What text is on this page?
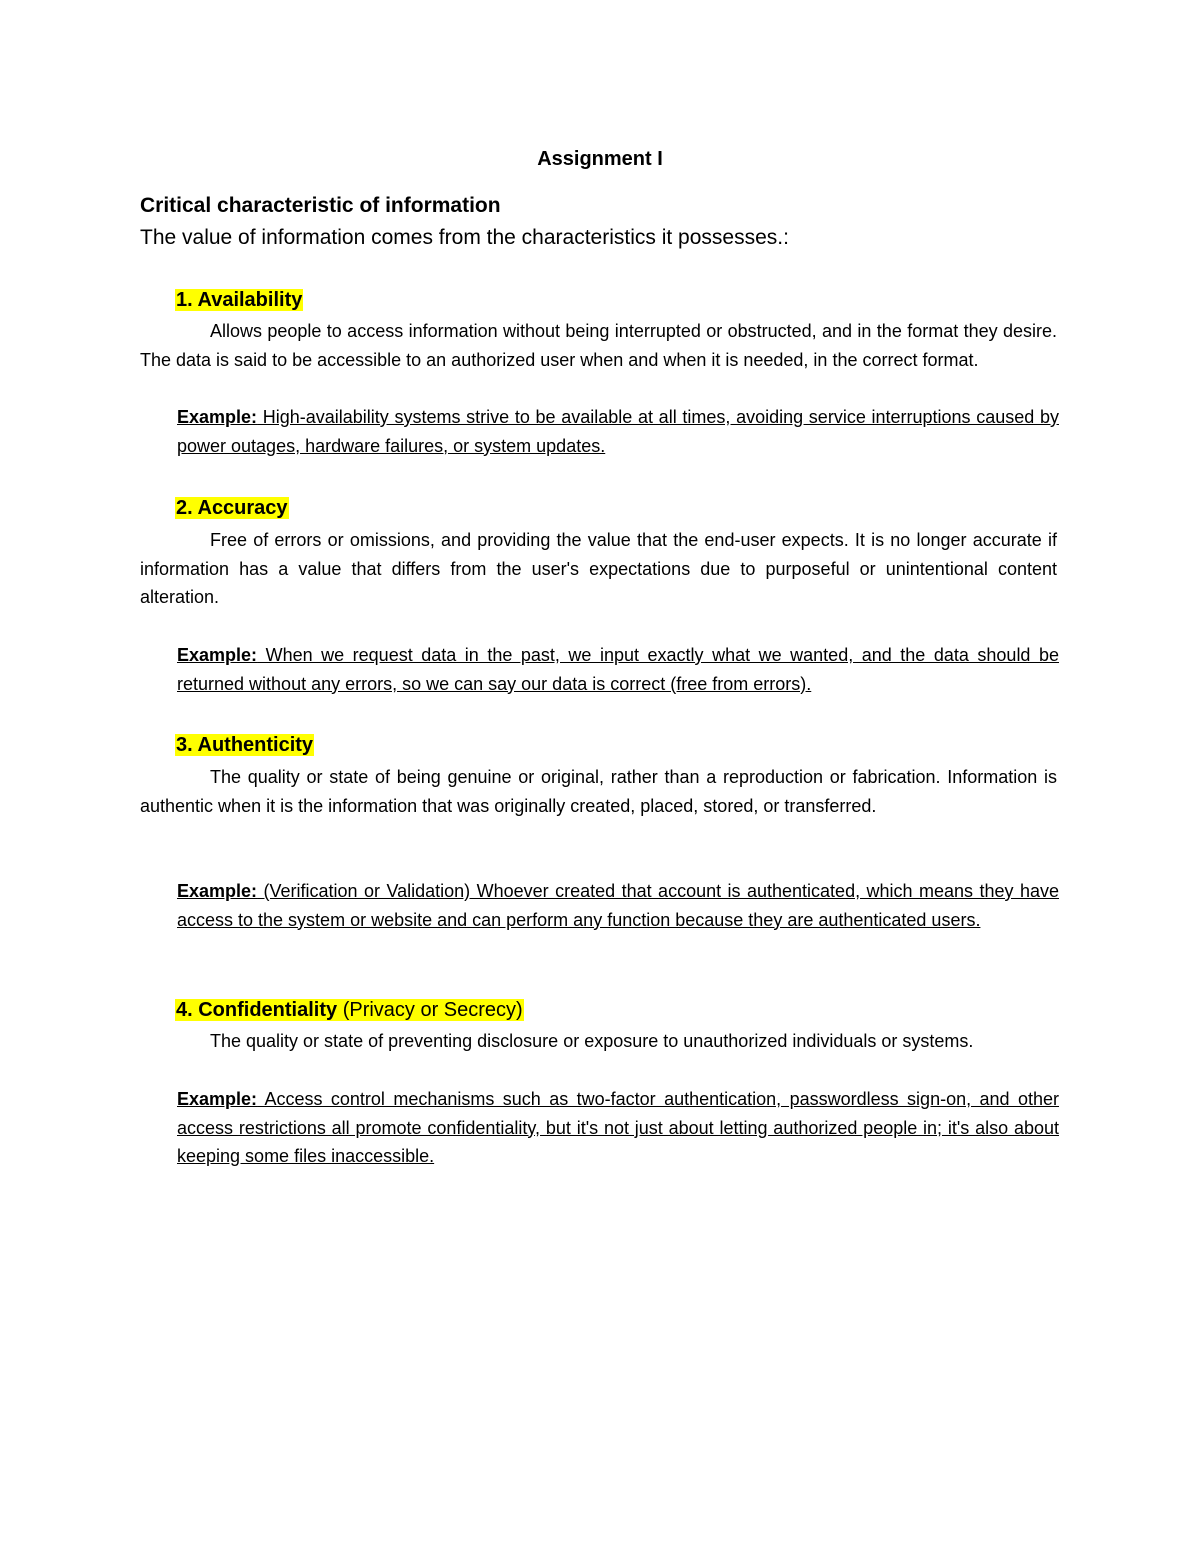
Assignment I
Critical characteristic of information
The value of information comes from the characteristics it possesses.:
1. Availability
Allows people to access information without being interrupted or obstructed, and in the format they desire. The data is said to be accessible to an authorized user when and when it is needed, in the correct format.
Example: High-availability systems strive to be available at all times, avoiding service interruptions caused by power outages, hardware failures, or system updates.
2. Accuracy
Free of errors or omissions, and providing the value that the end-user expects. It is no longer accurate if information has a value that differs from the user's expectations due to purposeful or unintentional content alteration.
Example: When we request data in the past, we input exactly what we wanted, and the data should be returned without any errors, so we can say our data is correct (free from errors).
3. Authenticity
The quality or state of being genuine or original, rather than a reproduction or fabrication. Information is authentic when it is the information that was originally created, placed, stored, or transferred.
Example: (Verification or Validation) Whoever created that account is authenticated, which means they have access to the system or website and can perform any function because they are authenticated users.
4. Confidentiality (Privacy or Secrecy)
The quality or state of preventing disclosure or exposure to unauthorized individuals or systems.
Example: Access control mechanisms such as two-factor authentication, passwordless sign-on, and other access restrictions all promote confidentiality, but it's not just about letting authorized people in; it's also about keeping some files inaccessible.
